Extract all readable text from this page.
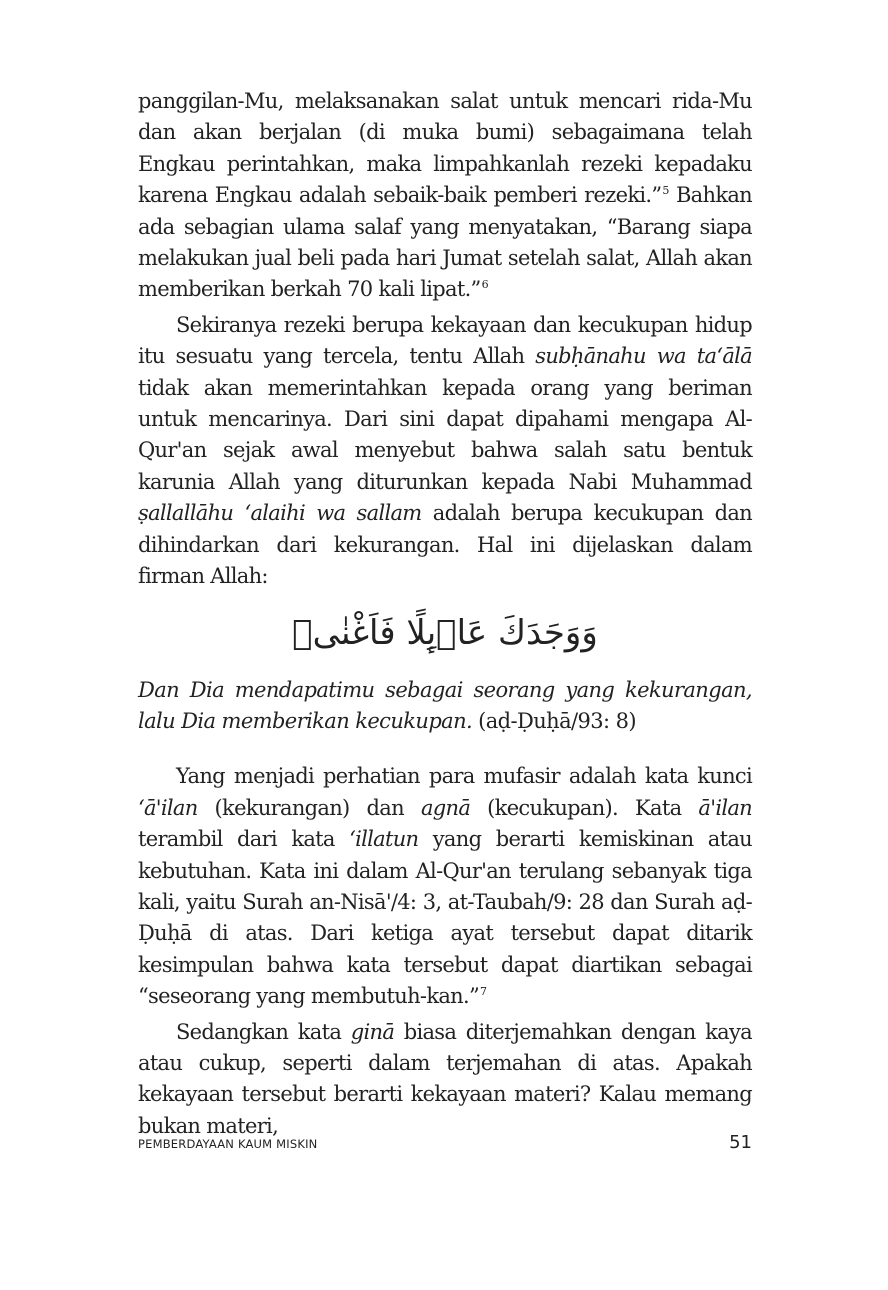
panggilan-Mu, melaksanakan salat untuk mencari rida-Mu dan akan berjalan (di muka bumi) sebagaimana telah Engkau perintahkan, maka limpahkanlah rezeki kepadaku karena Engkau adalah sebaik-baik pemberi rezeki.”$^5$ Bahkan ada sebagian ulama salaf yang menyatakan, “Barang siapa melakukan jual beli pada hari Jumat setelah salat, Allah akan memberikan berkah 70 kali lipat.”$^6$

Sekiranya rezeki berupa kekayaan dan kecukupan hidup itu sesuatu yang tercela, tentu Allah subḥānahu wa taʻālā tidak akan memerintahkan kepada orang yang beriman untuk mencarinya. Dari sini dapat dipahami mengapa Al-Qur'an sejak awal menyebut bahwa salah satu bentuk karunia Allah yang diturunkan kepada Nabi Muhammad ṣallallāhu ʻalaihi wa sallam adalah berupa kecukupan dan dihindarkan dari kekurangan. Hal ini dijelaskan dalam firman Allah:

وَوَجَدَكَ عَاۤىِٕلًا فَاَغْنٰىۗ

Dan Dia mendapatimu sebagai seorang yang kekurangan, lalu Dia memberikan kecukupan. (aḍ-Ḍuḥā/93: 8)

Yang menjadi perhatian para mufasir adalah kata kunci ʻā'ilan (kekurangan) dan agnā (kecukupan). Kata ā'ilan terambil dari kata ʻillatun yang berarti kemiskinan atau kebutuhan. Kata ini dalam Al-Qur'an terulang sebanyak tiga kali, yaitu Surah an-Nisā'/4: 3, at-Taubah/9: 28 dan Surah aḍ-Ḍuḥā di atas. Dari ketiga ayat tersebut dapat ditarik kesimpulan bahwa kata tersebut dapat diartikan sebagai “seseorang yang membutuh-kan.”$^7$

Sedangkan kata ginā biasa diterjemahkan dengan kaya atau cukup, seperti dalam terjemahan di atas. Apakah kekayaan tersebut berarti kekayaan materi? Kalau memang bukan materi,

PEMBERDAYAAN KAUM MISKIN	51
